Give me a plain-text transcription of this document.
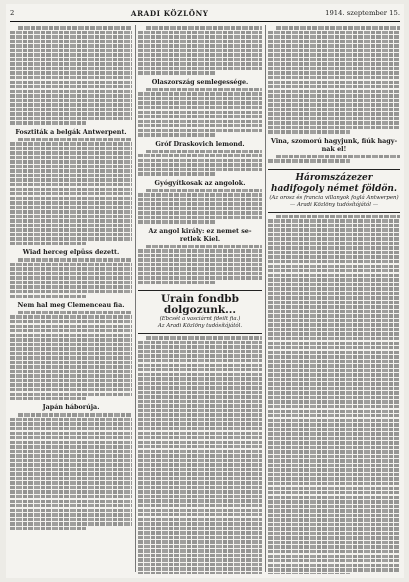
2	ARADI KÖZLÖNY	1914. szeptember 15.
Fosztiták a belgák Antwerpent.
Wiad herceg elpüss dezett.
Nem hal meg Clemenceau fia.
Japán háborúja.
Olaszország semlegessége.
Gróf Draskovich lemond.
Gyógyítkosak az angolok.
Az angol király: ez nemet se-retlek Kiel.
Urain fondbb dolgozunk...
(Ebcsét a vasciárnt fdeilt fia.)
Az Aradi Közlöny tudósítójától.
Vina, szomorú hagyjunk, fiúk hagy-nak el!
Háromszázezer hadifogoly német földön.
(Az orosz és francia villanyok foglá Antwerpen)
— Aradi Közlöny tudósítójától —
